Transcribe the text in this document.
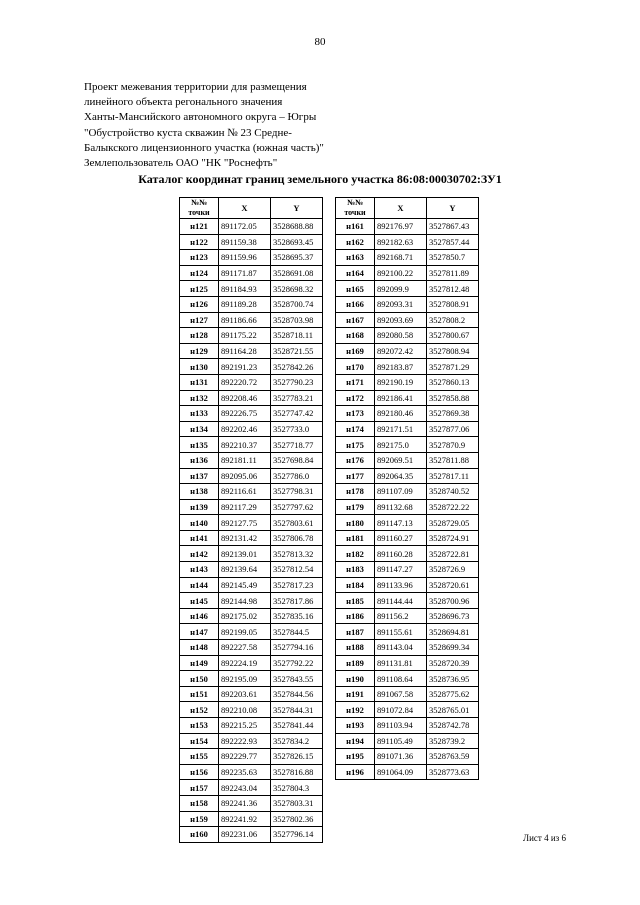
80
Проект межевания территории для размещения
линейного объекта регонального значения
Ханты-Мансийского автономного округа – Югры
"Обустройство куста скважин № 23 Средне-
Балыкского лицензионного участка (южная часть)"
Землепользователь ОАО "НК "Роснефть"
Каталог координат границ земельного участка 86:08:00030702:ЗУ1
№№
точки	X	Y
н121	891172.05	3528688.88
н122	891159.38	3528693.45
н123	891159.96	3528695.37
н124	891171.87	3528691.08
н125	891184.93	3528698.32
н126	891189.28	3528700.74
н127	891186.66	3528703.98
н128	891175.22	3528718.11
н129	891164.28	3528721.55
н130	892191.23	3527842.26
н131	892220.72	3527790.23
н132	892208.46	3527783.21
н133	892226.75	3527747.42
н134	892202.46	3527733.0
н135	892210.37	3527718.77
н136	892181.11	3527698.84
н137	892095.06	3527786.0
н138	892116.61	3527798.31
н139	892117.29	3527797.62
н140	892127.75	3527803.61
н141	892131.42	3527806.78
н142	892139.01	3527813.32
н143	892139.64	3527812.54
н144	892145.49	3527817.23
н145	892144.98	3527817.86
н146	892175.02	3527835.16
н147	892199.05	3527844.5
н148	892227.58	3527794.16
н149	892224.19	3527792.22
н150	892195.09	3527843.55
н151	892203.61	3527844.56
н152	892210.08	3527844.31
н153	892215.25	3527841.44
н154	892222.93	3527834.2
н155	892229.77	3527826.15
н156	892235.63	3527816.88
н157	892243.04	3527804.3
н158	892241.36	3527803.31
н159	892241.92	3527802.36
н160	892231.06	3527796.14
№№
точки	X	Y
н161	892176.97	3527867.43
н162	892182.63	3527857.44
н163	892168.71	3527850.7
н164	892100.22	3527811.89
н165	892099.9	3527812.48
н166	892093.31	3527808.91
н167	892093.69	3527808.2
н168	892080.58	3527800.67
н169	892072.42	3527808.94
н170	892183.87	3527871.29
н171	892190.19	3527860.13
н172	892186.41	3527858.88
н173	892180.46	3527869.38
н174	892171.51	3527877.06
н175	892175.0	3527870.9
н176	892069.51	3527811.88
н177	892064.35	3527817.11
н178	891107.09	3528740.52
н179	891132.68	3528722.22
н180	891147.13	3528729.05
н181	891160.27	3528724.91
н182	891160.28	3528722.81
н183	891147.27	3528726.9
н184	891133.96	3528720.61
н185	891144.44	3528700.96
н186	891156.2	3528696.73
н187	891155.61	3528694.81
н188	891143.04	3528699.34
н189	891131.81	3528720.39
н190	891108.64	3528736.95
н191	891067.58	3528775.62
н192	891072.84	3528765.01
н193	891103.94	3528742.78
н194	891105.49	3528739.2
н195	891071.36	3528763.59
н196	891064.09	3528773.63
Лист 4 из 6
